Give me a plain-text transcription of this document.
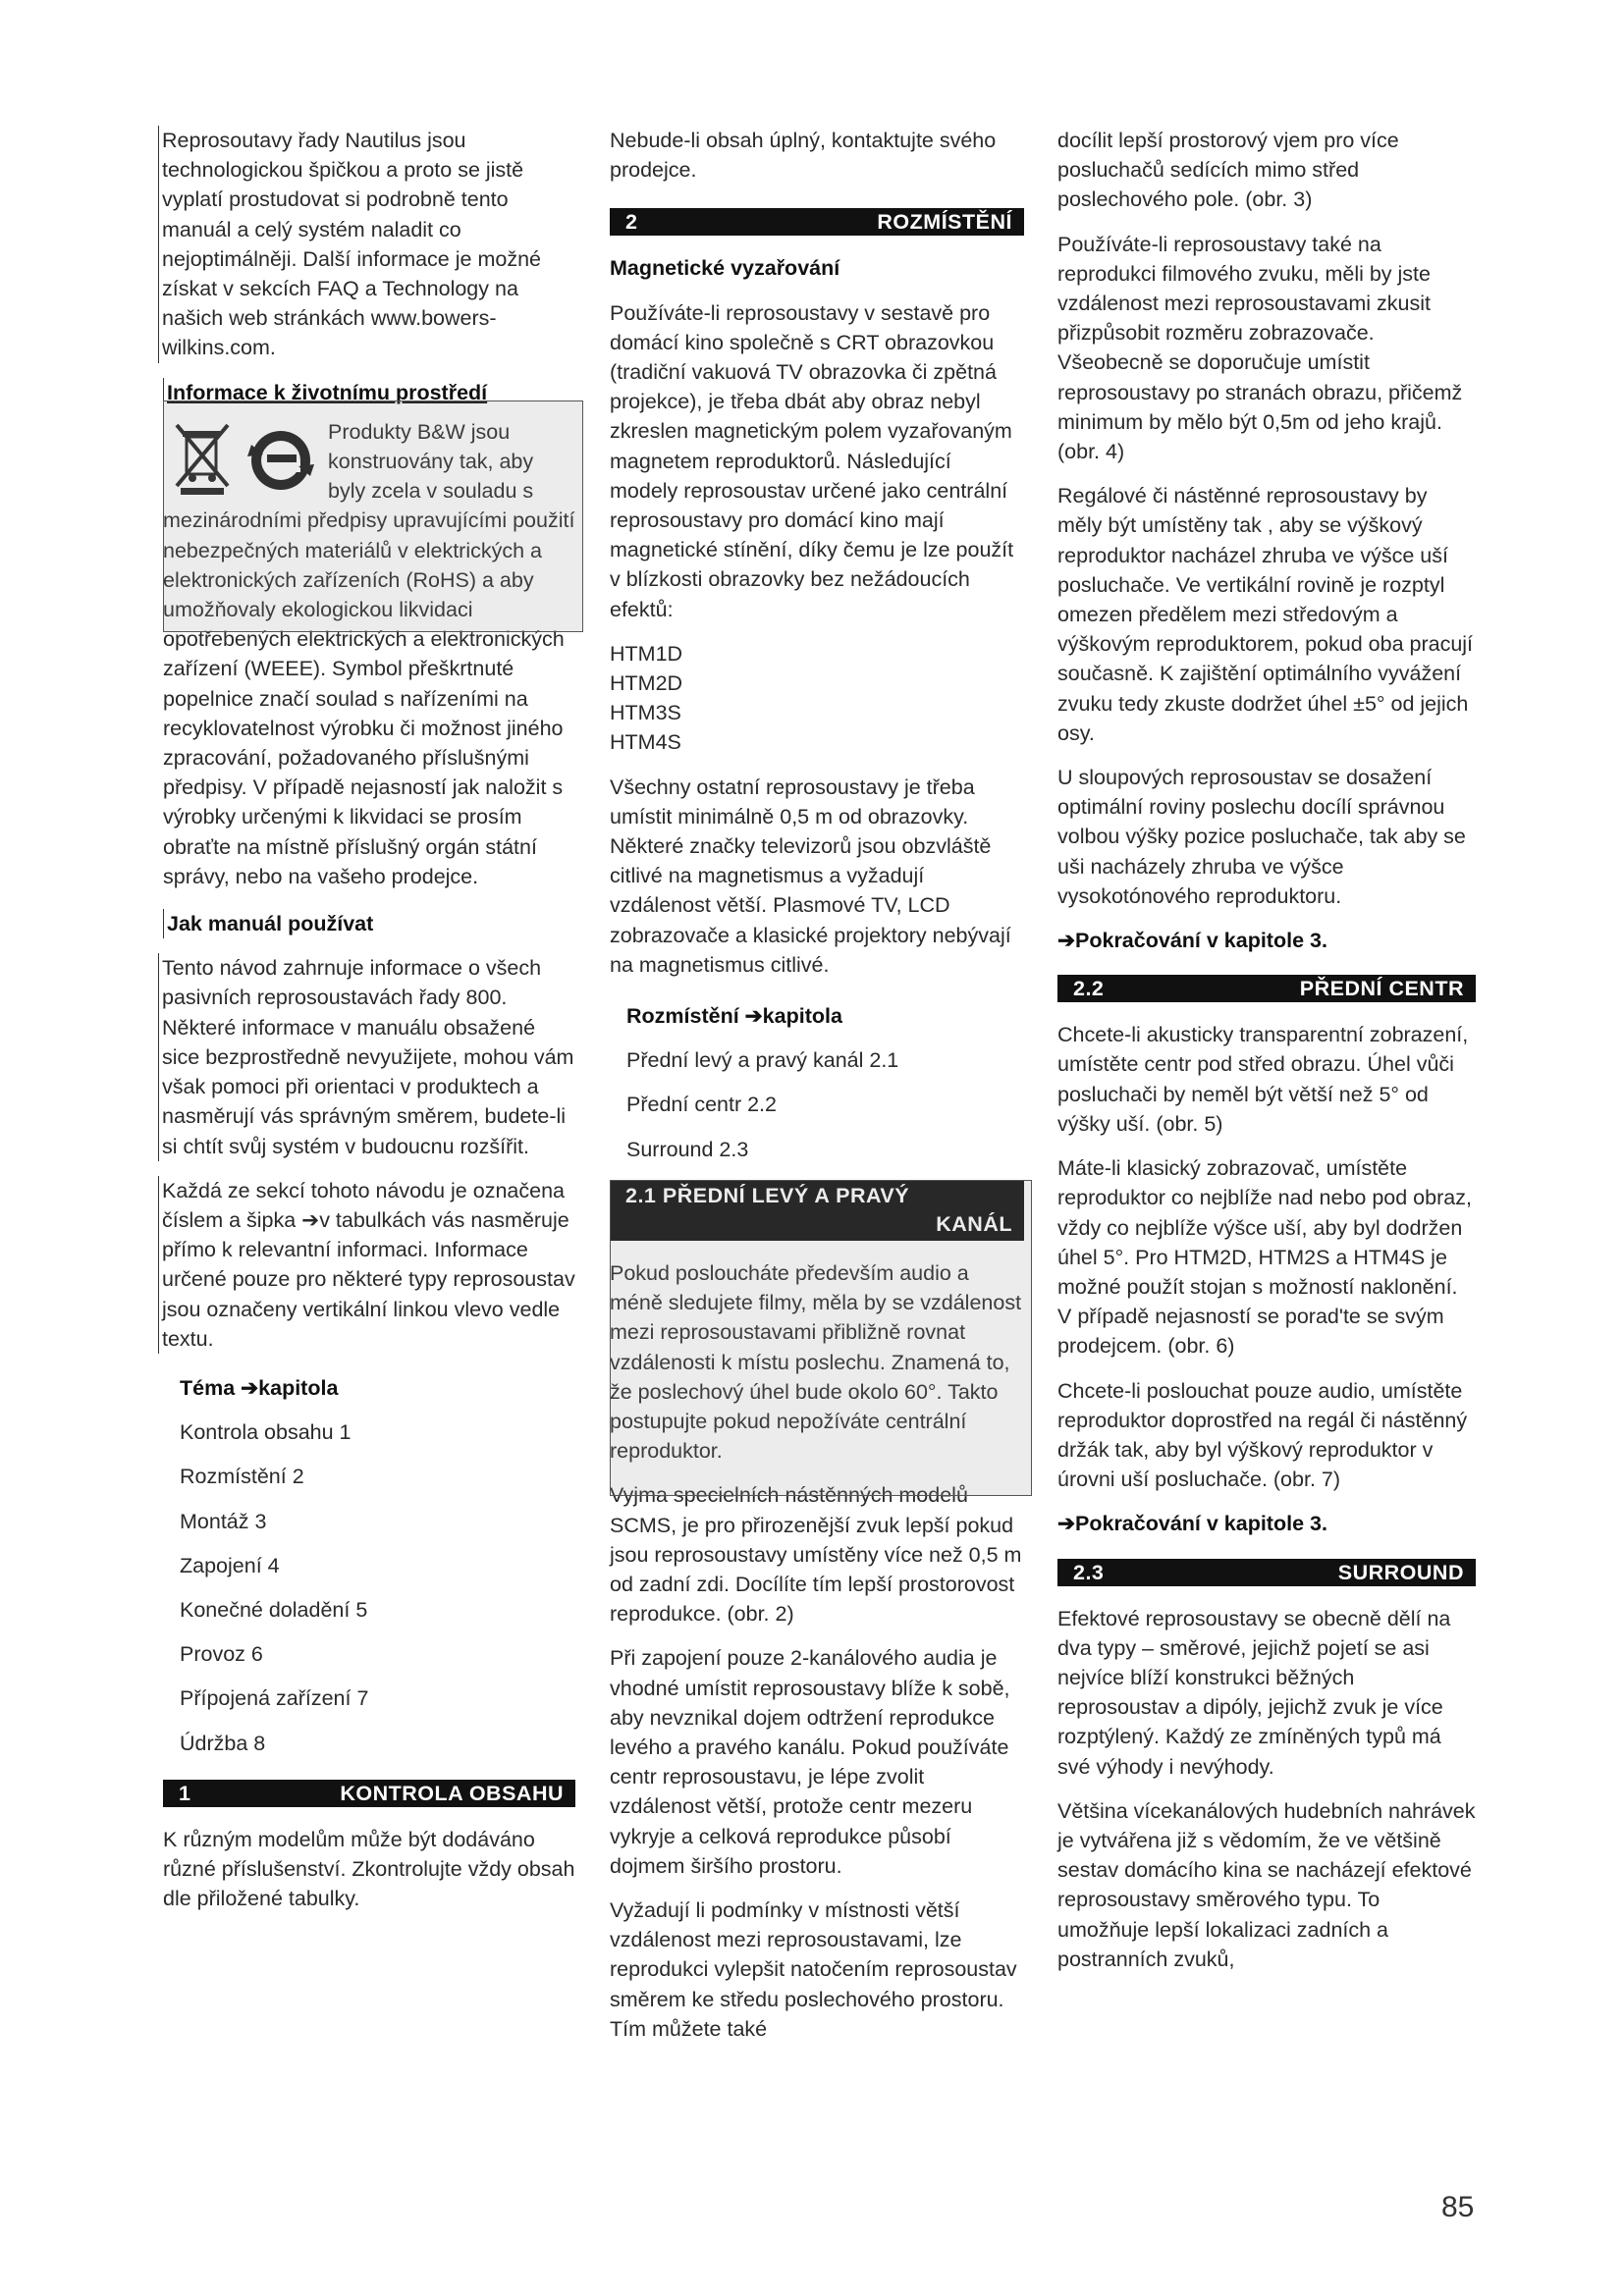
Reprosoutavy řady Nautilus jsou technologickou špičkou a proto se jistě vyplatí prostudovat si podrobně tento manuál a celý systém naladit co nejoptimálněji. Další informace je možné získat v sekcích FAQ a Technology na našich web stránkách www.bowers-wilkins.com.

Informace k životnímu prostředí

Produkty B&W jsou konstruovány tak, aby byly zcela v souladu s mezinárodními předpisy upravujícími použití nebezpečných materiálů v elektrických a elektronických zařízeních (RoHS) a aby umožňovaly ekologickou likvidaci opotřebených elektrických a elektronických zařízení (WEEE). Symbol přeškrtnuté popelnice značí soulad s nařízeními na recyklovatelnost výrobku či možnost jiného zpracování, požadovaného příslušnými předpisy. V případě nejasností jak naložit s výrobky určenými k likvidaci se prosím obraťte na místně příslušný orgán státní správy, nebo na vašeho prodejce.

Jak manuál používat

Tento návod zahrnuje informace o všech pasivních reprosoustavách řady 800. Některé informace v manuálu obsažené sice bezprostředně nevyužijete, mohou vám však pomoci při orientaci v produktech a nasměrují vás správným směrem, budete-li si chtít svůj systém v budoucnu rozšířit.

Každá ze sekcí tohoto návodu je označena číslem a šipka ➔v tabulkách vás nasměruje přímo k relevantní informaci. Informace určené pouze pro některé typy reprosoustav jsou označeny vertikální linkou vlevo vedle textu.

Téma ➔kapitola
Kontrola obsahu 1
Rozmístění 2
Montáž 3
Zapojení 4
Konečné doladění 5
Provoz 6
Přípojená zařízení 7
Údržba 8
1	KONTROLA OBSAHU

K různým modelům může být dodáváno různé příslušenství. Zkontrolujte vždy obsah dle přiložené tabulky.

Nebude-li obsah úplný, kontaktujte svého prodejce.

2	ROZMÍSTĚNÍ

Magnetické vyzařování

Používáte-li reprosoustavy v sestavě pro domácí kino společně s CRT obrazovkou (tradiční vakuová TV obrazovka či zpětná projekce), je třeba dbát aby obraz nebyl zkreslen magnetickým polem vyzařovaným magnetem reproduktorů. Následující modely reprosoustav určené jako centrální reprosoustavy pro domácí kino mají magnetické stínění, díky čemu je lze použít v blízkosti obrazovky bez nežádoucích efektů:

HTM1D
HTM2D
HTM3S
HTM4S

Všechny ostatní reprosoustavy je třeba umístit minimálně 0,5 m od obrazovky. Některé značky televizorů jsou obzvláště citlivé na magnetismus a vyžadují vzdálenost větší. Plasmové TV, LCD zobrazovače a klasické projektory nebývají na magnetismus citlivé.

Rozmístění ➔kapitola
Přední levý a pravý kanál 2.1
Přední centr 2.2
Surround 2.3
2.1 PŘEDNÍ LEVÝ A PRAVÝ
KANÁL

Pokud posloucháte především audio a méně sledujete filmy, měla by se vzdálenost mezi reprosoustavami přibližně rovnat vzdálenosti k místu poslechu. Znamená to, že poslechový úhel bude okolo 60°. Takto postupujte pokud nepožíváte centrální reproduktor.

Vyjma specielních nástěnných modelů SCMS, je pro přirozenější zvuk lepší pokud jsou reprosoustavy umístěny více než 0,5 m od zadní zdi. Docílíte tím lepší prostorovost reprodukce. (obr. 2)

Při zapojení pouze 2-kanálového audia je vhodné umístit reprosoustavy blíže k sobě, aby nevznikal dojem odtržení reprodukce levého a pravého kanálu. Pokud používáte centr reprosoustavu, je lépe zvolit vzdálenost větší, protože centr mezeru vykryje a celková reprodukce působí dojmem širšího prostoru.

Vyžadují li podmínky v místnosti větší vzdálenost mezi reprosoustavami, lze reprodukci vylepšit natočením reprosoustav směrem ke středu poslechového prostoru. Tím můžete také

docílit lepší prostorový vjem pro více posluchačů sedících mimo střed poslechového pole. (obr. 3)

Používáte-li reprosoustavy také na reprodukci filmového zvuku, měli by jste vzdálenost mezi reprosoustavami zkusit přizpůsobit rozměru zobrazovače. Všeobecně se doporučuje umístit reprosoustavy po stranách obrazu, přičemž minimum by mělo být 0,5m od jeho krajů. (obr. 4)

Regálové či nástěnné reprosoustavy by měly být umístěny tak , aby se výškový reproduktor nacházel zhruba ve výšce uší posluchače. Ve vertikální rovině je rozptyl omezen předělem mezi středovým a výškovým reproduktorem, pokud oba pracují současně. K zajištění optimálního vyvážení zvuku tedy zkuste dodržet úhel ±5° od jejich osy.

U sloupových reprosoustav se dosažení optimální roviny poslechu docílí správnou volbou výšky pozice posluchače, tak aby se uši nacházely zhruba ve výšce vysokotónového reproduktoru.

➔Pokračování v kapitole 3.

2.2	PŘEDNÍ CENTR

Chcete-li akusticky transparentní zobrazení, umístěte centr pod střed obrazu. Úhel vůči posluchači by neměl být větší než 5° od výšky uší. (obr. 5)

Máte-li klasický zobrazovač, umístěte reproduktor co nejblíže nad nebo pod obraz, vždy co nejblíže výšce uší, aby byl dodržen úhel 5°. Pro HTM2D, HTM2S a HTM4S je možné použít stojan s možností naklonění. V případě nejasností se porad'te se svým prodejcem. (obr. 6)

Chcete-li poslouchat pouze audio, umístěte reproduktor doprostřed na regál či nástěnný držák tak, aby byl výškový reproduktor v úrovni uší posluchače. (obr. 7)

➔Pokračování v kapitole 3.

2.3	SURROUND

Efektové reprosoustavy se obecně dělí na dva typy – směrové, jejichž pojetí se asi nejvíce blíží konstrukci běžných reprosoustav a dipóly, jejichž zvuk je více rozptýlený. Každý ze zmíněných typů má své výhody i nevýhody.

Většina vícekanálových hudebních nahrávek je vytvářena již s vědomím, že ve většině sestav domácího kina se nacházejí efektové reprosoustavy směrového typu. To umožňuje lepší lokalizaci zadních a postranních zvuků,

85
